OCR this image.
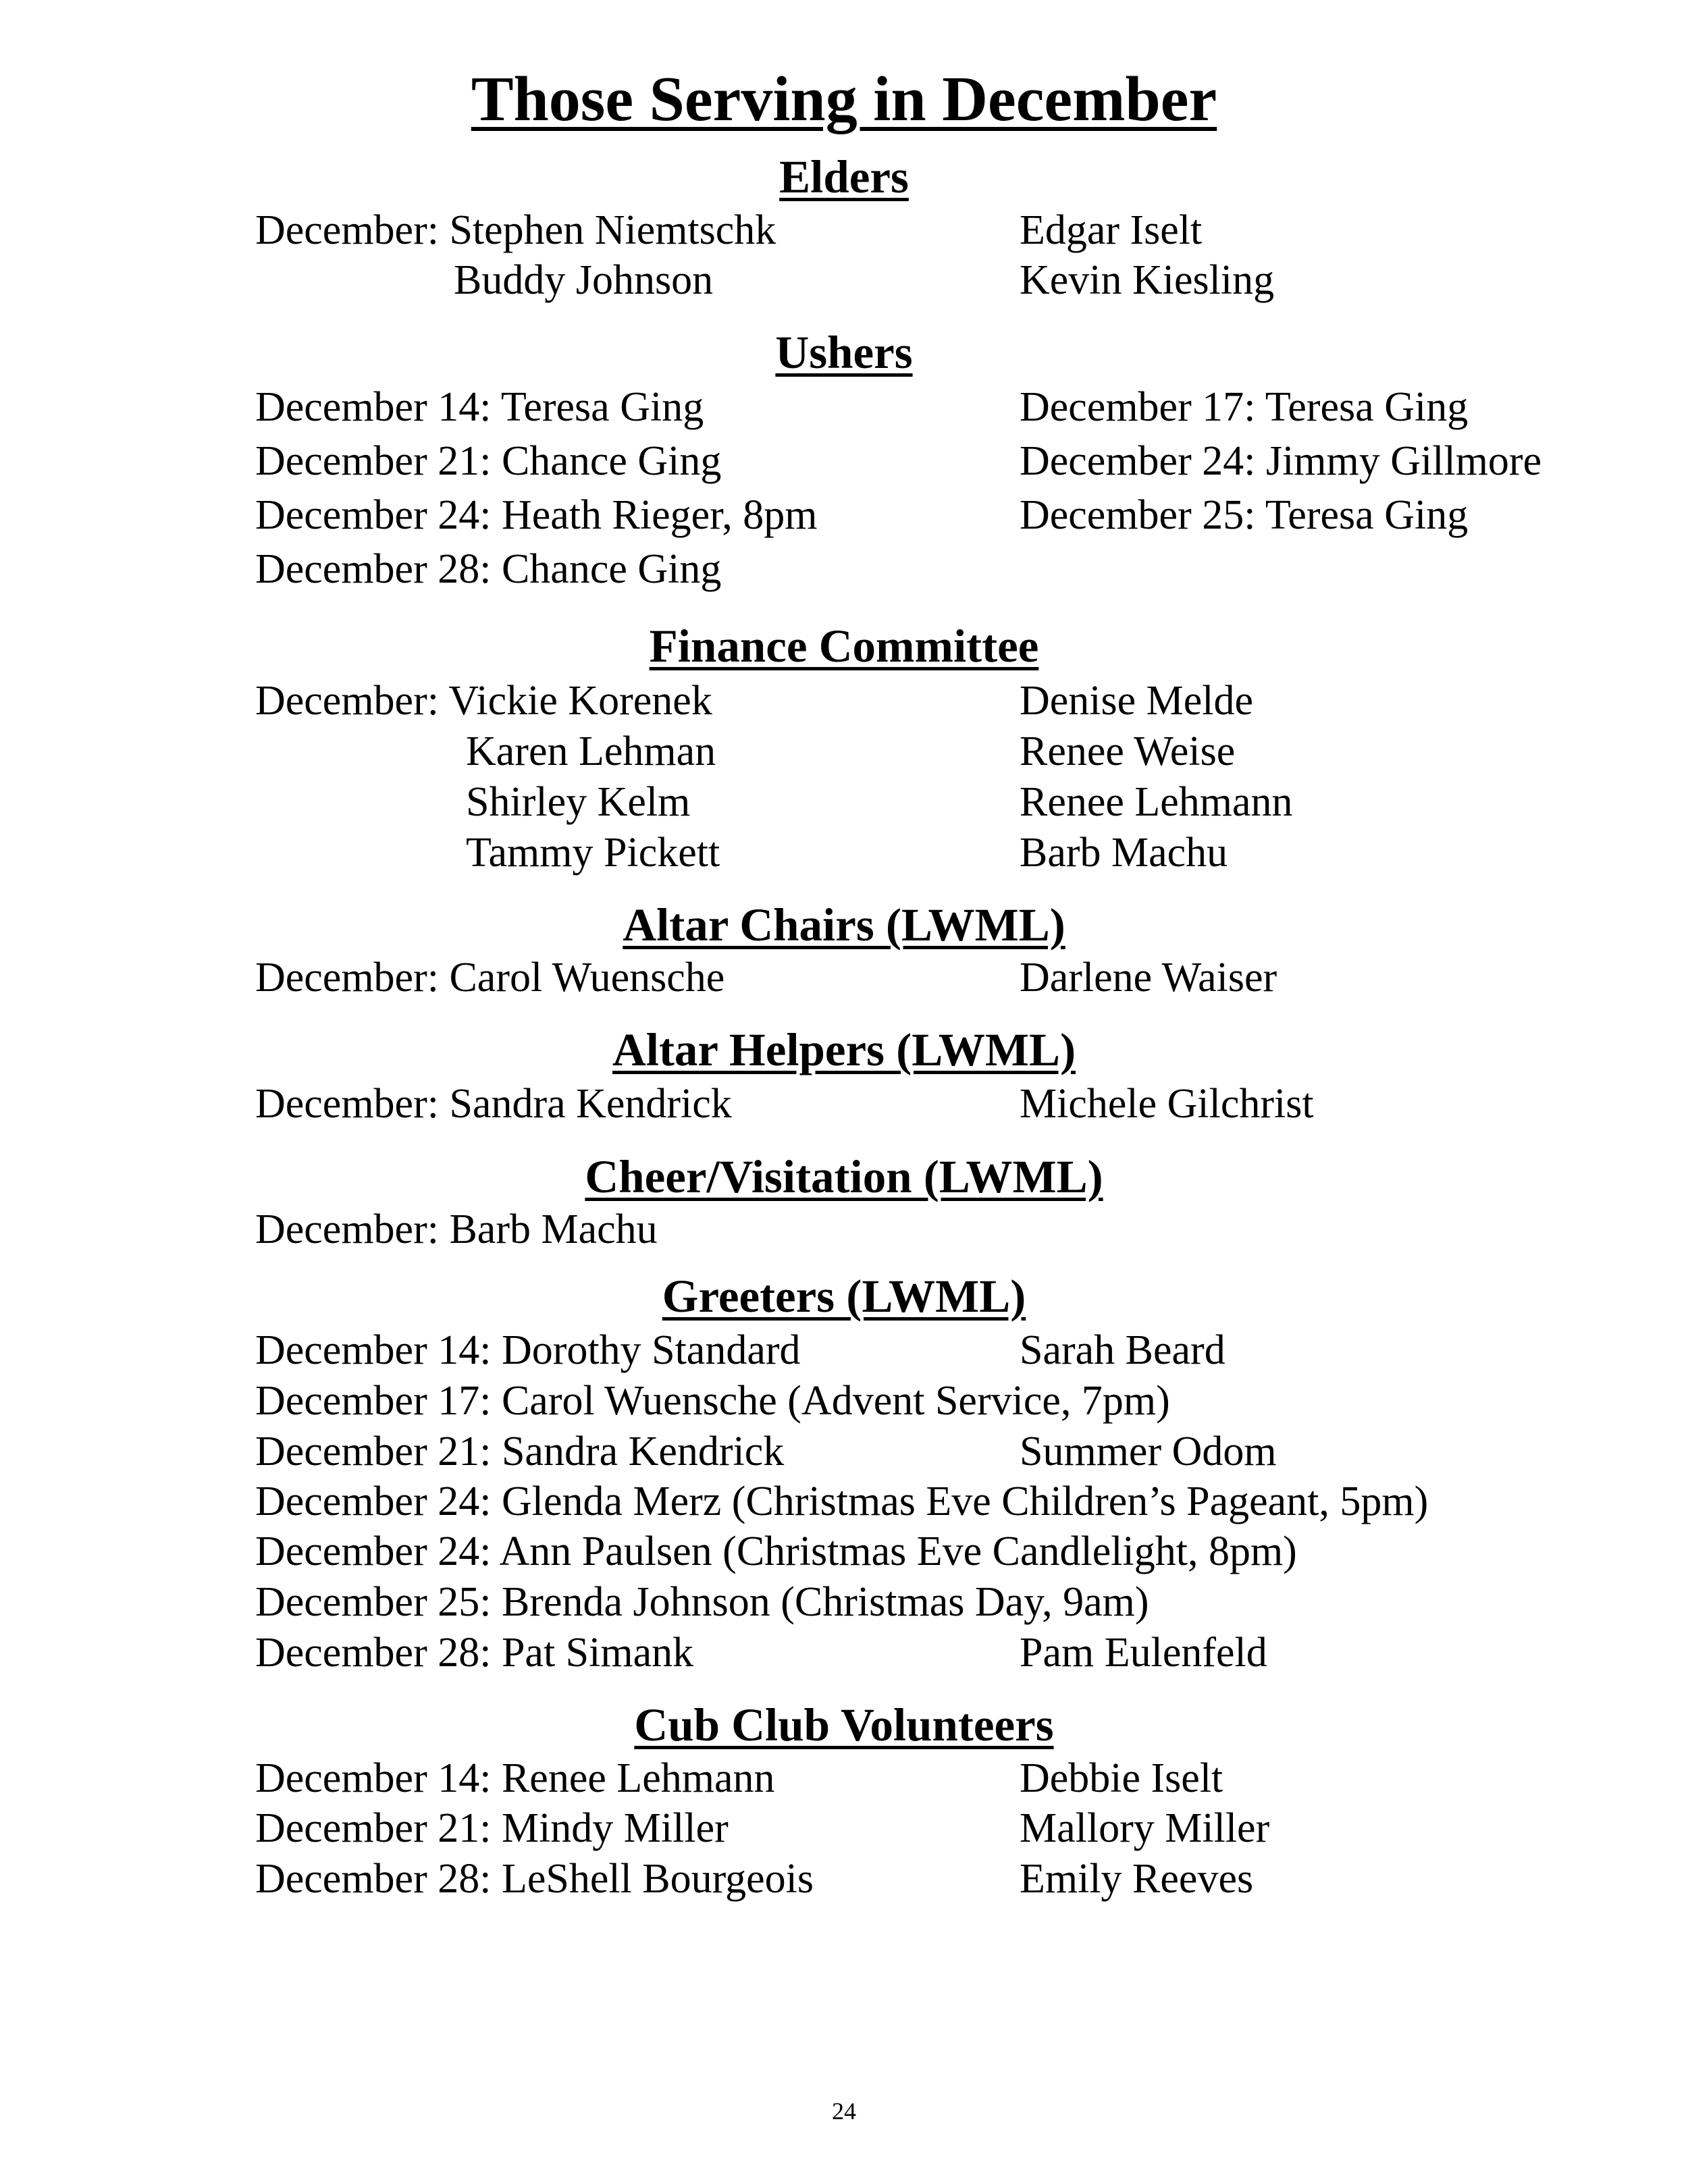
Those Serving in December
Elders
December: Stephen Niemtschk	Edgar Iselt
Buddy Johnson	Kevin Kiesling
Ushers
December 14: Teresa Ging	December 17: Teresa Ging
December 21: Chance Ging	December 24: Jimmy Gillmore
December 24: Heath Rieger, 8pm	December 25: Teresa Ging
December 28: Chance Ging
Finance Committee
December: Vickie Korenek	Denise Melde
Karen Lehman	Renee Weise
Shirley Kelm	Renee Lehmann
Tammy Pickett	Barb Machu
Altar Chairs (LWML)
December: Carol Wuensche	Darlene Waiser
Altar Helpers (LWML)
December: Sandra Kendrick	Michele Gilchrist
Cheer/Visitation (LWML)
December: Barb Machu
Greeters (LWML)
December 14: Dorothy Standard	Sarah Beard
December 17: Carol Wuensche (Advent Service, 7pm)
December 21: Sandra Kendrick	Summer Odom
December 24: Glenda Merz (Christmas Eve Children’s Pageant, 5pm)
December 24: Ann Paulsen (Christmas Eve Candlelight, 8pm)
December 25: Brenda Johnson (Christmas Day, 9am)
December 28: Pat Simank	Pam Eulenfeld
Cub Club Volunteers
December 14: Renee Lehmann	Debbie Iselt
December 21: Mindy Miller	Mallory Miller
December 28: LeShell Bourgeois	Emily Reeves
24
